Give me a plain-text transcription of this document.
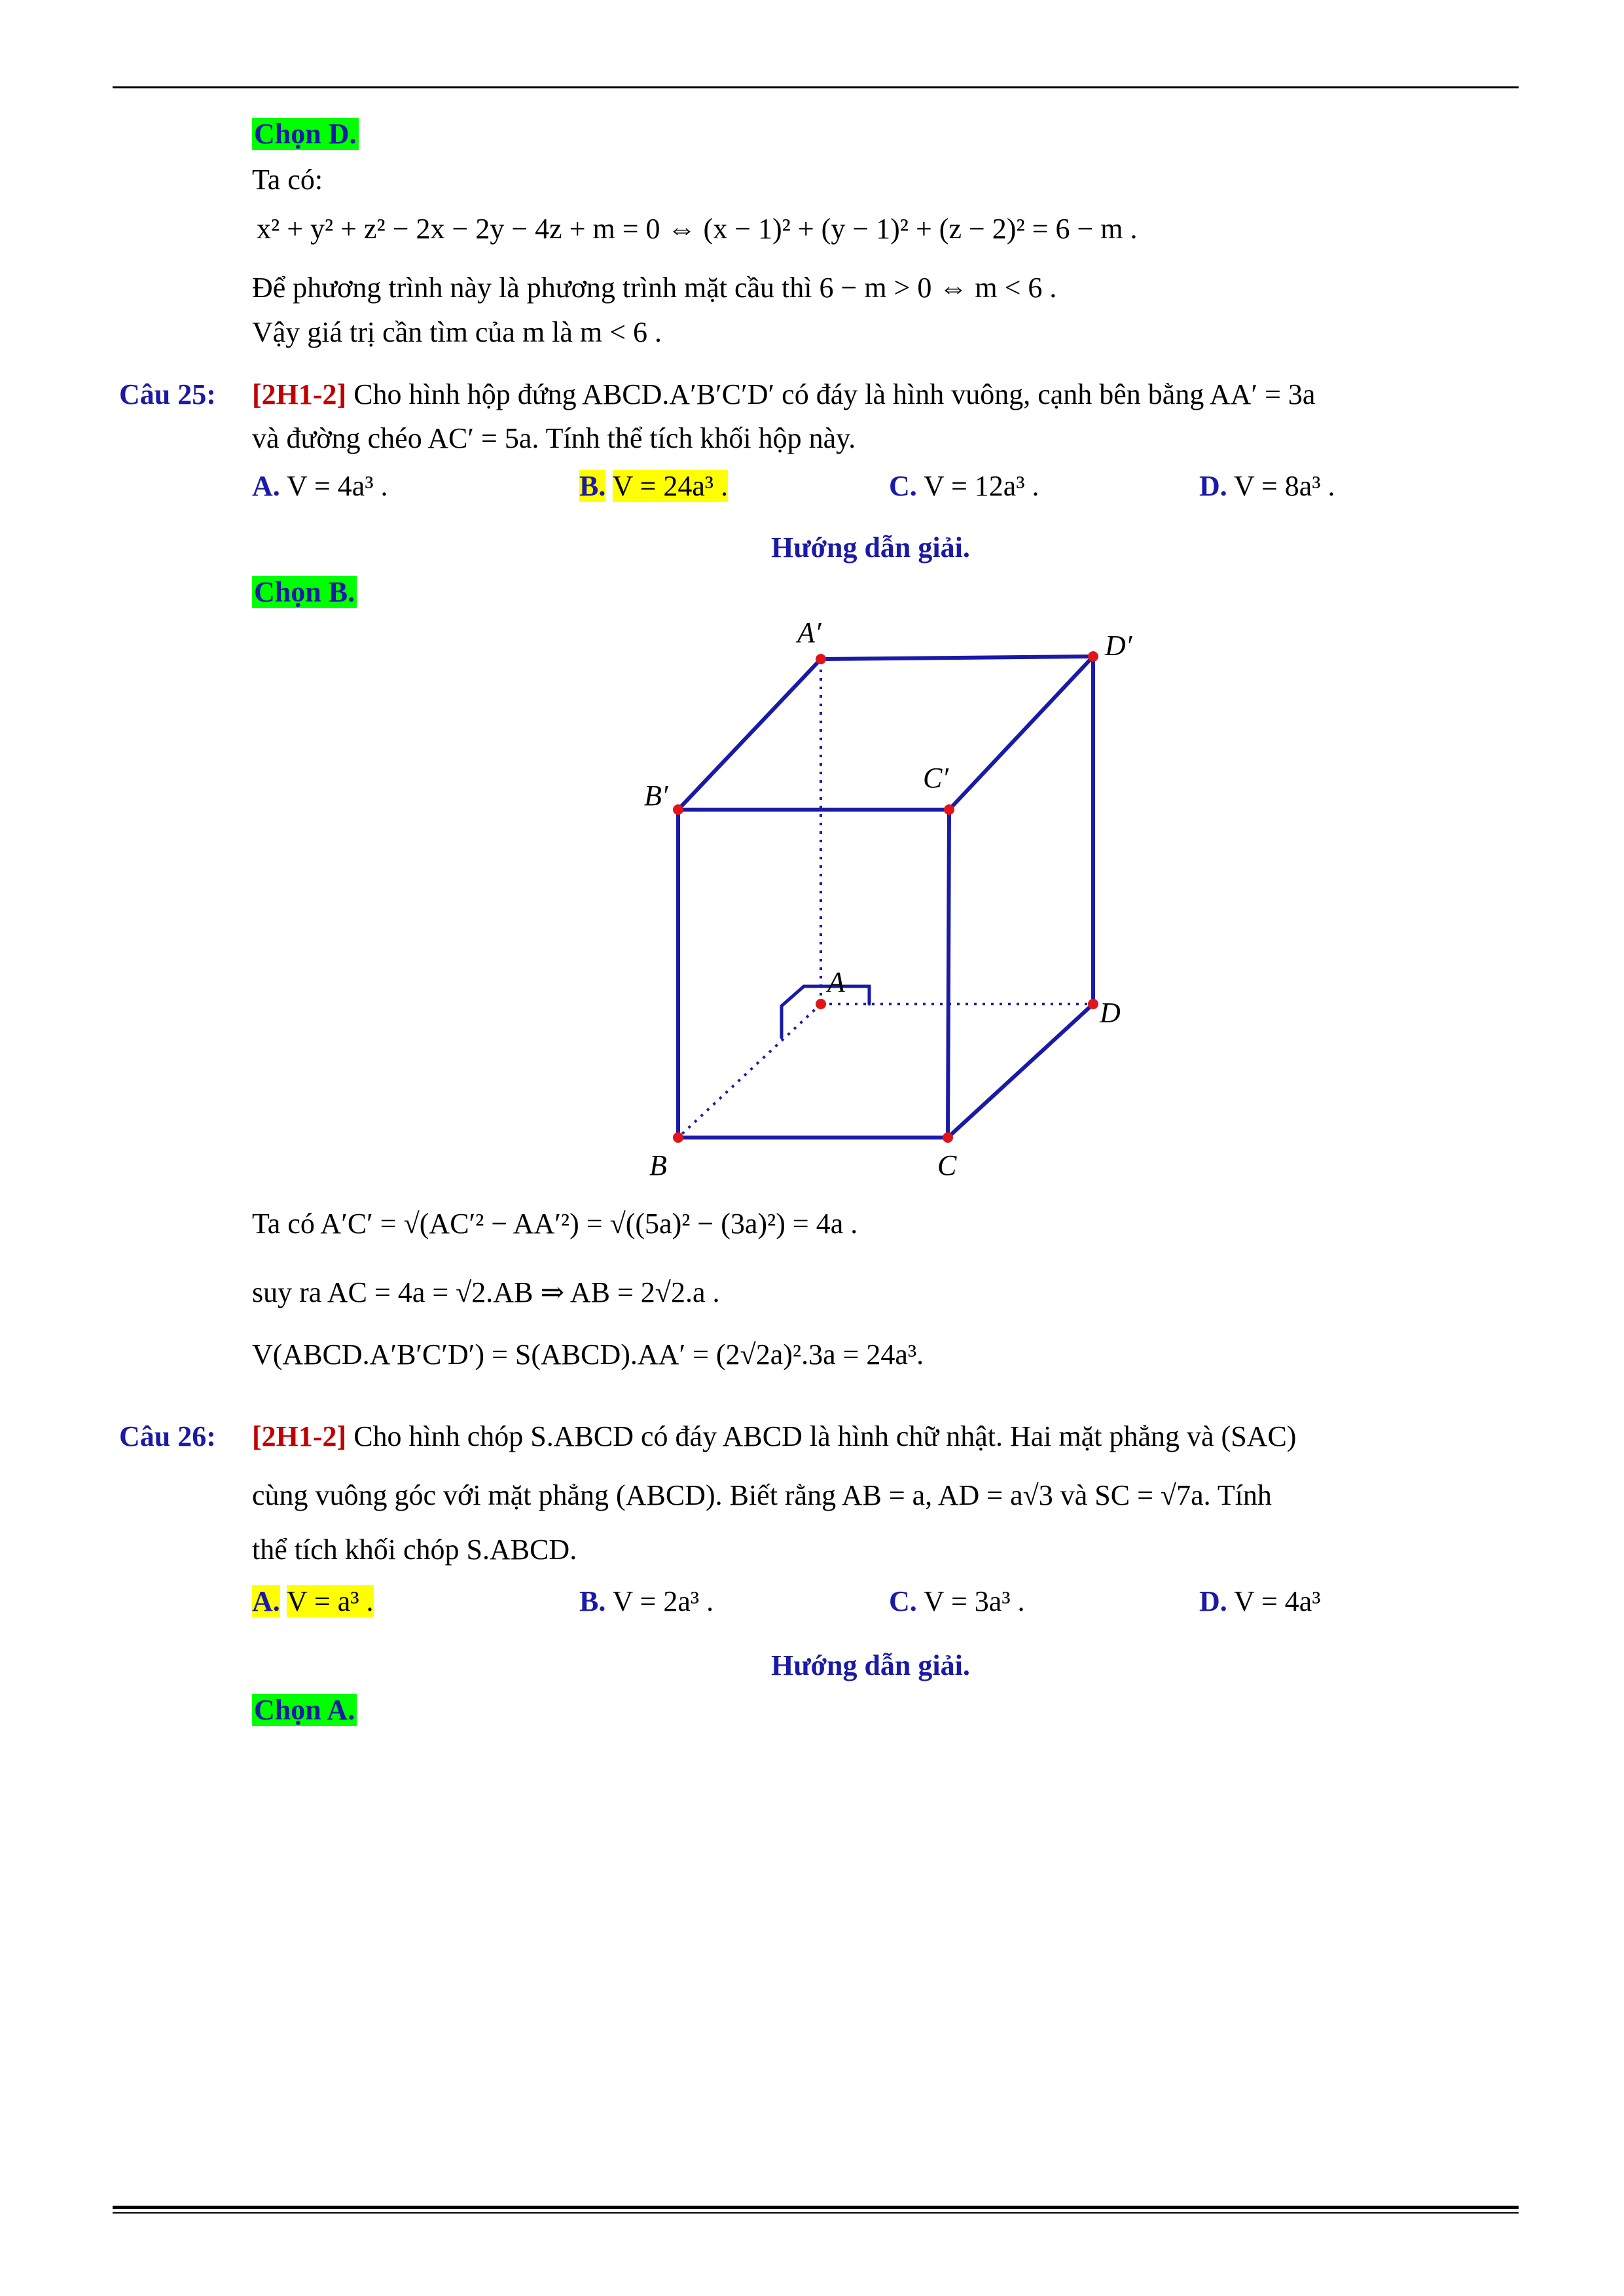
Chọn D.
Ta có:
x² + y² + z² − 2x − 2y − 4z + m = 0 ⇔ (x − 1)² + (y − 1)² + (z − 2)² = 6 − m .
Để phương trình này là phương trình mặt cầu thì 6 − m > 0 ⇔ m < 6 .
Vậy giá trị cần tìm của m là m < 6 .
Câu 25: [2H1-2] Cho hình hộp đứng ABCD.A′B′C′D′ có đáy là hình vuông, cạnh bên bằng AA′ = 3a
và đường chéo AC′ = 5a. Tính thể tích khối hộp này.
A. V = 4a³ .	B. V = 24a³ .	C. V = 12a³ .	D. V = 8a³ .
Hướng dẫn giải.
Chọn B.
A′	D′
B′
C′
A
D
B	C
Ta có A′C′ = √(AC′² − AA′²) = √((5a)² − (3a)²) = 4a .
suy ra AC = 4a = √2.AB ⇒ AB = 2√2.a .
V(ABCD.A′B′C′D′) = S(ABCD).AA′ = (2√2a)².3a = 24a³.
Câu 26: [2H1-2] Cho hình chóp S.ABCD có đáy ABCD là hình chữ nhật. Hai mặt phẳng và (SAC)
cùng vuông góc với mặt phẳng (ABCD). Biết rằng AB = a, AD = a√3 và SC = √7a. Tính
thể tích khối chóp S.ABCD.
A. V = a³ .	B. V = 2a³ .	C. V = 3a³ .	D. V = 4a³
Hướng dẫn giải.
Chọn A.
